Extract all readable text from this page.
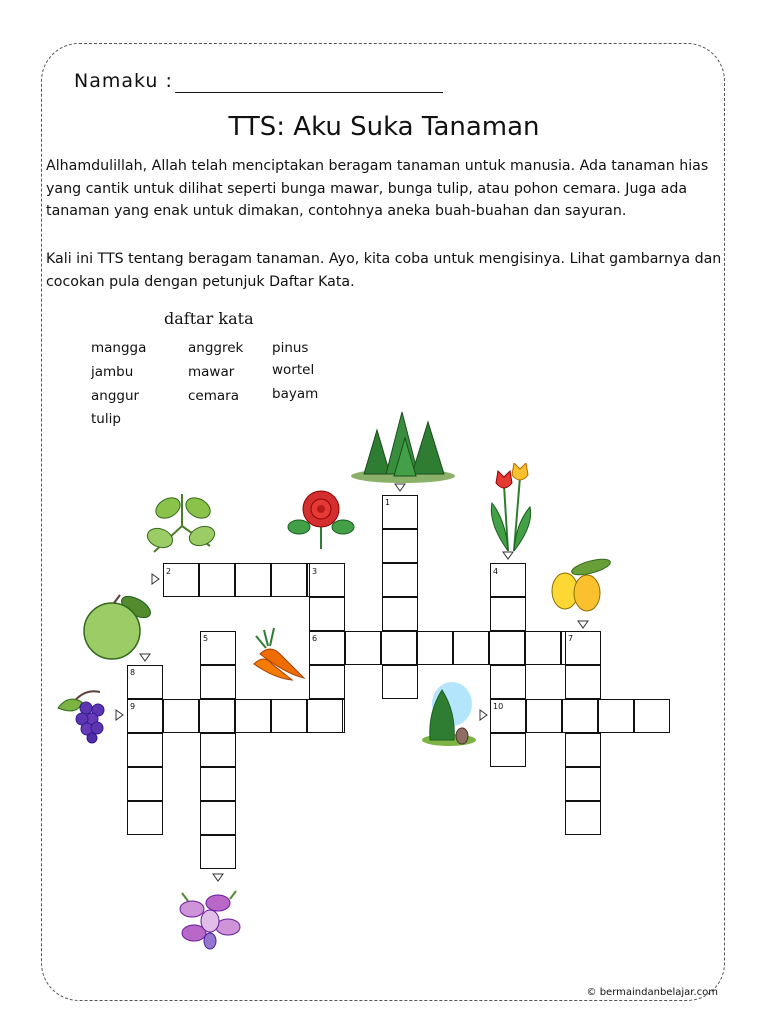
Namaku :
TTS: Aku Suka Tanaman

Alhamdulillah, Allah telah menciptakan beragam tanaman untuk manusia. Ada tanaman hias yang cantik untuk dilihat seperti bunga mawar, bunga tulip, atau pohon cemara. Juga ada tanaman yang enak untuk dimakan, contohnya aneka buah-buahan dan sayuran.

Kali ini TTS tentang beragam tanaman. Ayo, kita coba untuk mengisinya. Lihat gambarnya dan cocokan pula dengan petunjuk Daftar Kata.

daftar kata
mangga	anggrek pinus
jambu	mawar	wortel
anggur	cemara bayam
tulip
1
2	3	4
5	6	7
8
9	10
© bermaindanbelajar.com
